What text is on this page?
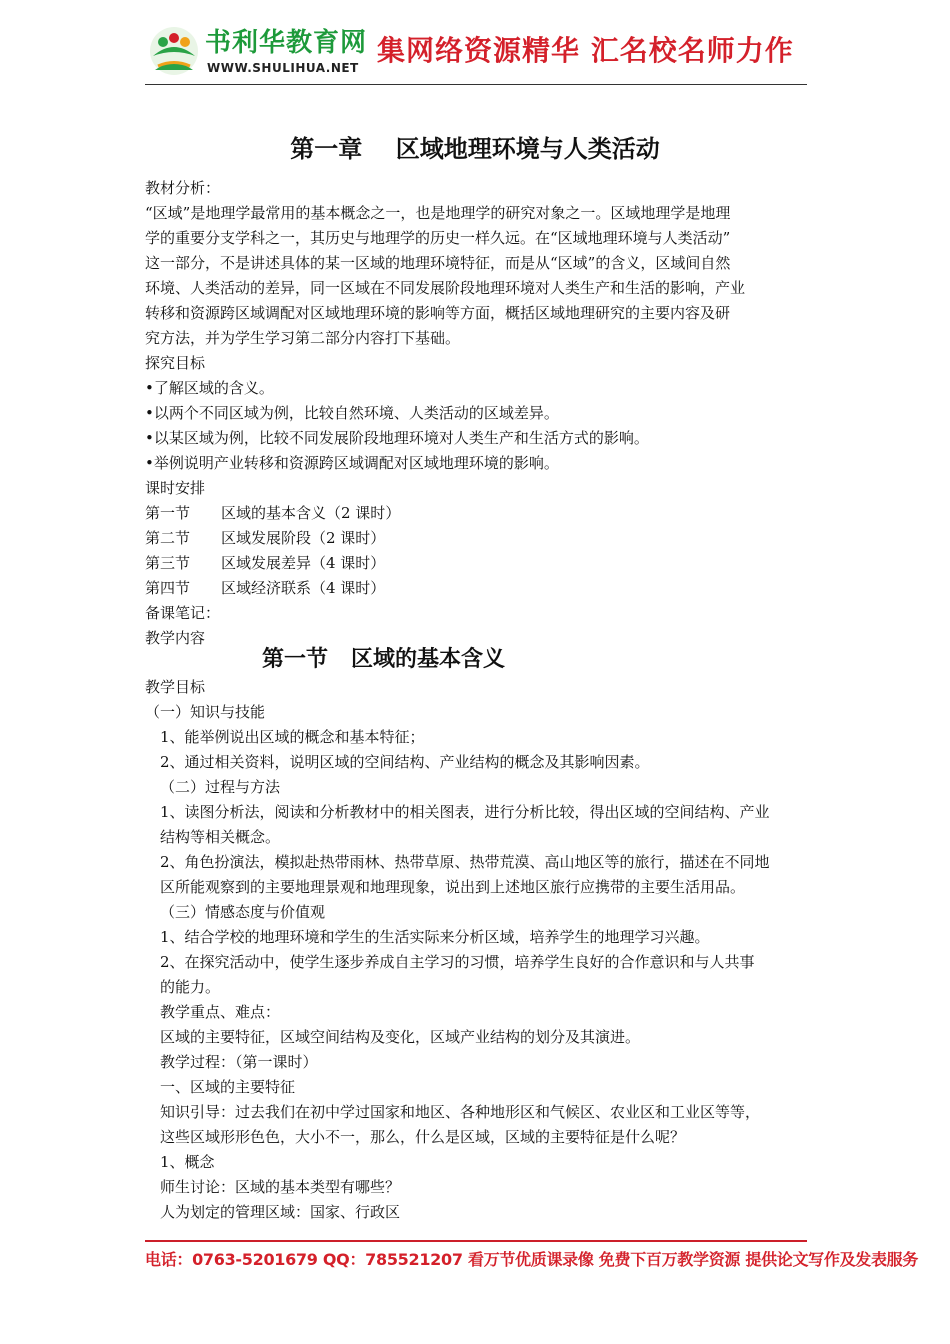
书利华教育网
WWW.SHULIHUA.NET
集网络资源精华 汇名校名师力作
第一章    区域地理环境与人类活动
教材分析：
“区域”是地理学最常用的基本概念之一，也是地理学的研究对象之一。区域地理学是地理
学的重要分支学科之一，其历史与地理学的历史一样久远。在“区域地理环境与人类活动”
这一部分，不是讲述具体的某一区域的地理环境特征，而是从“区域”的含义，区域间自然
环境、人类活动的差异，同一区域在不同发展阶段地理环境对人类生产和生活的影响，产业
转移和资源跨区域调配对区域地理环境的影响等方面，概括区域地理研究的主要内容及研
究方法，并为学生学习第二部分内容打下基础。
探究目标
•了解区域的含义。
•以两个不同区域为例，比较自然环境、人类活动的区域差异。
•以某区域为例，比较不同发展阶段地理环境对人类生产和生活方式的影响。
•举例说明产业转移和资源跨区域调配对区域地理环境的影响。
课时安排
第一节 区域的基本含义（2 课时）
第二节 区域发展阶段（2 课时）
第三节 区域发展差异（4 课时）
第四节 区域经济联系（4 课时）
备课笔记：
教学内容
第一节   区域的基本含义
教学目标
（一）知识与技能
1、能举例说出区域的概念和基本特征；
2、通过相关资料，说明区域的空间结构、产业结构的概念及其影响因素。
（二）过程与方法
1、读图分析法，阅读和分析教材中的相关图表，进行分析比较，得出区域的空间结构、产业
结构等相关概念。
2、角色扮演法，模拟赴热带雨林、热带草原、热带荒漠、高山地区等的旅行，描述在不同地
区所能观察到的主要地理景观和地理现象，说出到上述地区旅行应携带的主要生活用品。
（三）情感态度与价值观
1、结合学校的地理环境和学生的生活实际来分析区域，培养学生的地理学习兴趣。
2、在探究活动中，使学生逐步养成自主学习的习惯，培养学生良好的合作意识和与人共事
的能力。
教学重点、难点：
区域的主要特征，区域空间结构及变化，区域产业结构的划分及其演进。
教学过程：（第一课时）
一、区域的主要特征
知识引导：过去我们在初中学过国家和地区、各种地形区和气候区、农业区和工业区等等，
这些区域形形色色，大小不一，那么，什么是区域，区域的主要特征是什么呢？
1、概念
师生讨论：区域的基本类型有哪些？
人为划定的管理区域：国家、行政区
电话：0763-5201679 QQ：785521207 看万节优质课录像 免费下百万教学资源 提供论文写作及发表服务
